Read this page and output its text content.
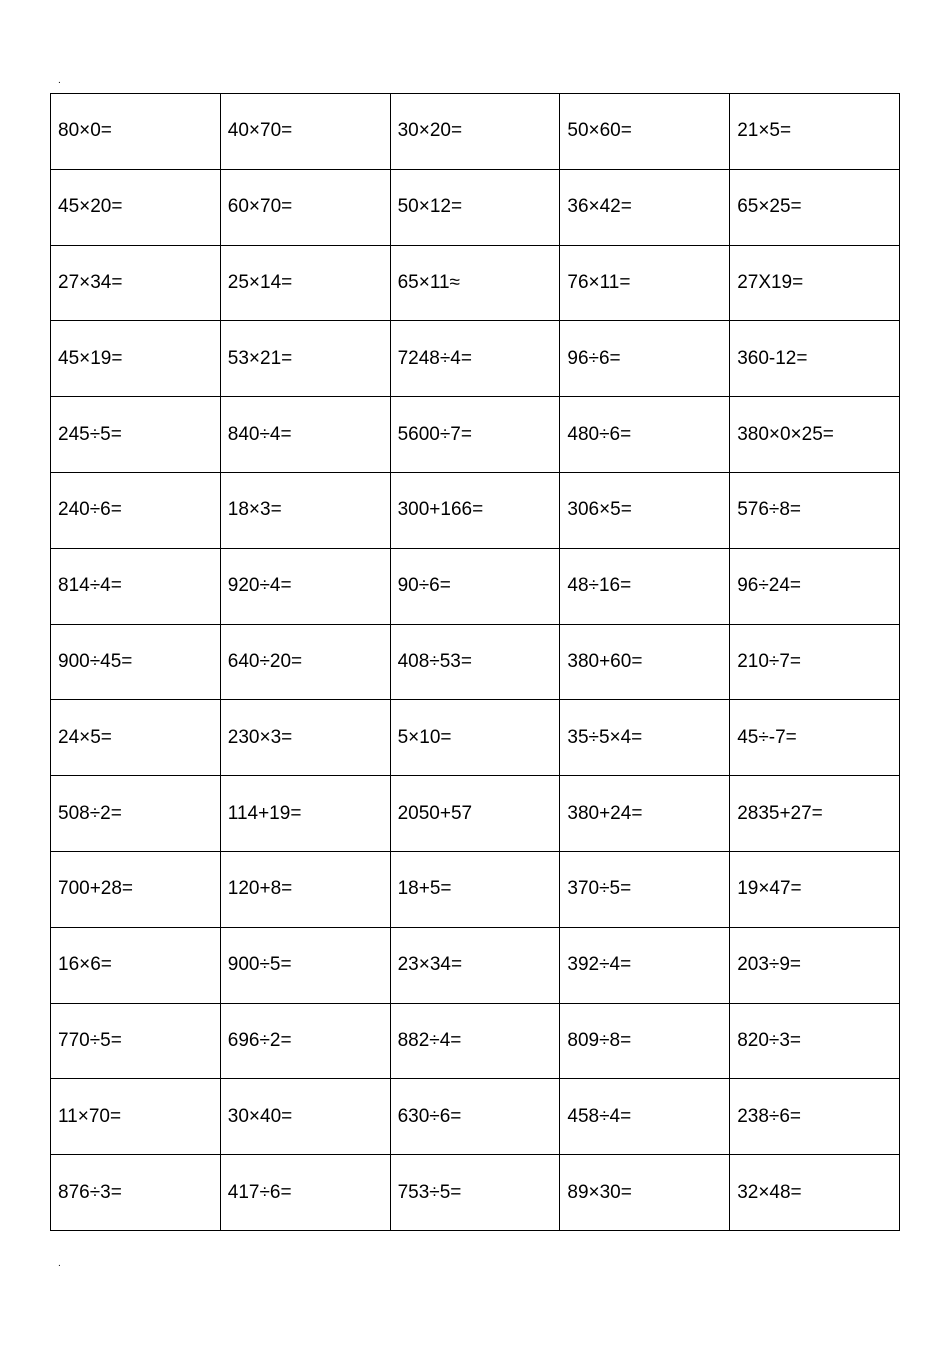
.
80×0=	40×70=	30×20=	50×60=	21×5=
45×20=	60×70=	50×12=	36×42=	65×25=
27×34=	25×14=	65×11≈	76×11=	27X19=
45×19=	53×21=	7248÷4=	96÷6=	360-12=
245÷5=	840÷4=	5600÷7=	480÷6=	380×0×25=
240÷6=	18×3=	300+166=	306×5=	576÷8=
814÷4=	920÷4=	90÷6=	48÷16=	96÷24=
900÷45=	640÷20=	408÷53=	380+60=	210÷7=
24×5=	230×3=	5×10=	35÷5×4=	45÷-7=
508÷2=	114+19=	2050+57	380+24=	2835+27=
700+28=	120+8=	18+5=	370÷5=	19×47=
16×6=	900÷5=	23×34=	392÷4=	203÷9=
770÷5=	696÷2=	882÷4=	809÷8=	820÷3=
11×70=	30×40=	630÷6=	458÷4=	238÷6=
876÷3=	417÷6=	753÷5=	89×30=	32×48=
.
